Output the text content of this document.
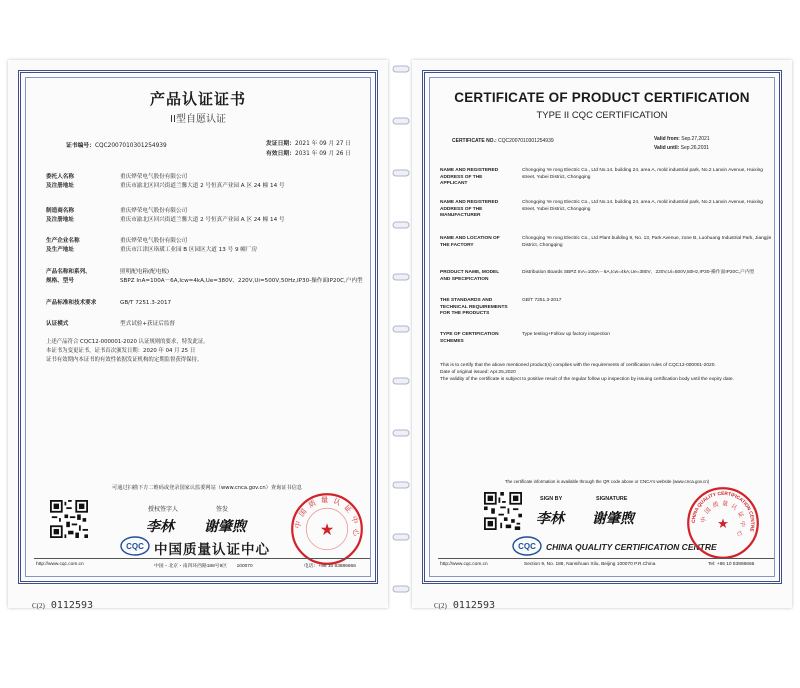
产品认证证书
II型自愿认证
证书编号：CQC2007010301254939	发证日期：2021 年 09 月 27 日
有效日期：2031 年 09 月 26 日
委托人名称	重庆烨荣电气股份有限公司
及注册地址	重庆市渝北区回兴街道兰馨大道 2 号恒真产业园 A 区 24 幢 14 号
制造商名称	重庆烨荣电气股份有限公司
及注册地址	重庆市渝北区回兴街道兰馨大道 2 号恒真产业园 A 区 24 幢 14 号
生产企业名称	重庆烨荣电气股份有限公司
及生产地址	重庆市江津区珞璜工业园 B 区园区大道 13 号 9 幢厂房
产品名称和系列、	照明配电箱(配电板)
规格、型号	SBPZ InA=100A－6A,Icw=4kA,Ue=380V、220V,Ui=500V,50Hz,IP30-操作面IP20C,户内型
产品标准和技术要求	GB/T 7251.3-2017
认证模式	型式试验+获证后监督
上述产品符合 CQC12-000001-2020 认证规则的要求，特发此证。
本证书为变更证书，证书首次颁发日期：2020 年 04 月 25 日
证书有效期内本证书的有效性依据发证机构的定期监督获得保持。
可通过扫描下方二维码或登录国家认监委网站（www.cnca.gov.cn）查询证书信息
授权签字人	签发
李林 谢肇煦
CQC 中国质量认证中心
中国质量认证中心
★
http://www.cqc.com.cn	中国・北京・南四环西路188号9区　　100070	电话：+86 10 83886666
C(2) 0112593
CERTIFICATE OF PRODUCT CERTIFICATION
TYPE II CQC CERTIFICATION
CERTIFICATE NO.: CQC2007010301254939	Valid from: Sep.27,2021
Valid until: Sep.26,2031
NAME AND REGISTERED ADDRESS OF THE APPLICANT
Chongqing Ye rong Electric Co., Ltd No.14, building 24, area A, mold industrial park, No.2 Lanxin Avenue, Huixing street, Yubei District, Chongqing
NAME AND REGISTERED ADDRESS OF THE MANUFACTURER
Chongqing Ye rong Electric Co., Ltd No.14, building 24, area A, mold industrial park, No.2 Lanxin Avenue, Huixing street, Yubei District, Chongqing
NAME AND LOCATION OF THE FACTORY
Chongqing Ye rong Electric Co., Ltd Plant building 9, No. 13, Park Avenue, zone B, Luohuang Industrial Park, Jiangjin District, Chongqing
PRODUCT NAME, MODEL AND SPECIFICATION
Distribution Boards SBPZ InA=100A－6A,Icw=4kA,Ue=380V、220V,Ui=500V,50Hz,IP30-操作面IP20C,户内型
THE STANDARDS AND TECHNICAL REQUIREMENTS FOR THE PRODUCTS
GB/T 7251.3-2017
TYPE OF CERTIFICATION SCHEMES
Type testing+Follow up factory inspection
This is to certify that the above mentioned product(s) complies with the requirements of certification rules of CQC12-000001-2020.
Date of original issued: Apr.25,2020
The validity of the certificate is subject to positive result of the regular follow up inspection by issuing certification body until the expiry date.
The certificate information is available through the QR code above or CNCA's website (www.cnca.gov.cn)
SIGN BY	SIGNATURE
李林 谢肇煦
CQC CHINA QUALITY CERTIFICATION CENTRE
CHINA QUALITY CERTIFICATION CENTRE
中国质量认证中心
★
http://www.cqc.com.cn	Section 9, No. 188, Nansihuan Xilu, Beijing 100070 P.R.China	Tel: +86 10 83886666
C(2) 0112593
